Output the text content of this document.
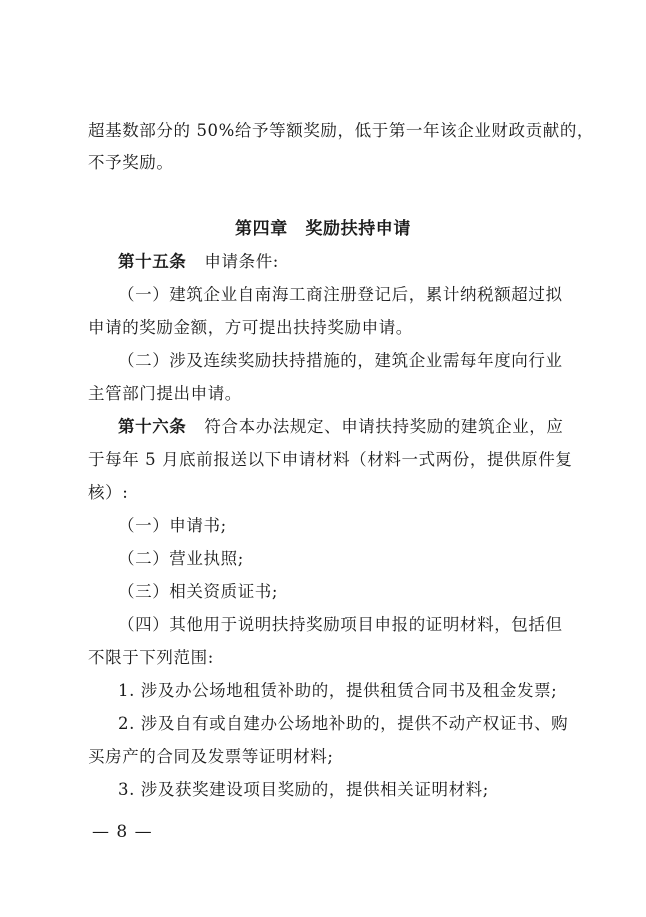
超基数部分的 50%给予等额奖励，低于第一年该企业财政贡献的，
不予奖励。
第四章　奖励扶持申请
第十五条 申请条件:
（一）建筑企业自南海工商注册登记后，累计纳税额超过拟
申请的奖励金额，方可提出扶持奖励申请。
（二）涉及连续奖励扶持措施的，建筑企业需每年度向行业
主管部门提出申请。
第十六条 符合本办法规定、申请扶持奖励的建筑企业，应
于每年 5 月底前报送以下申请材料（材料一式两份，提供原件复
核）:
（一）申请书;
（二）营业执照;
（三）相关资质证书;
（四）其他用于说明扶持奖励项目申报的证明材料，包括但
不限于下列范围:
1. 涉及办公场地租赁补助的，提供租赁合同书及租金发票;
2. 涉及自有或自建办公场地补助的，提供不动产权证书、购
买房产的合同及发票等证明材料;
3. 涉及获奖建设项目奖励的，提供相关证明材料;
— 8 —
